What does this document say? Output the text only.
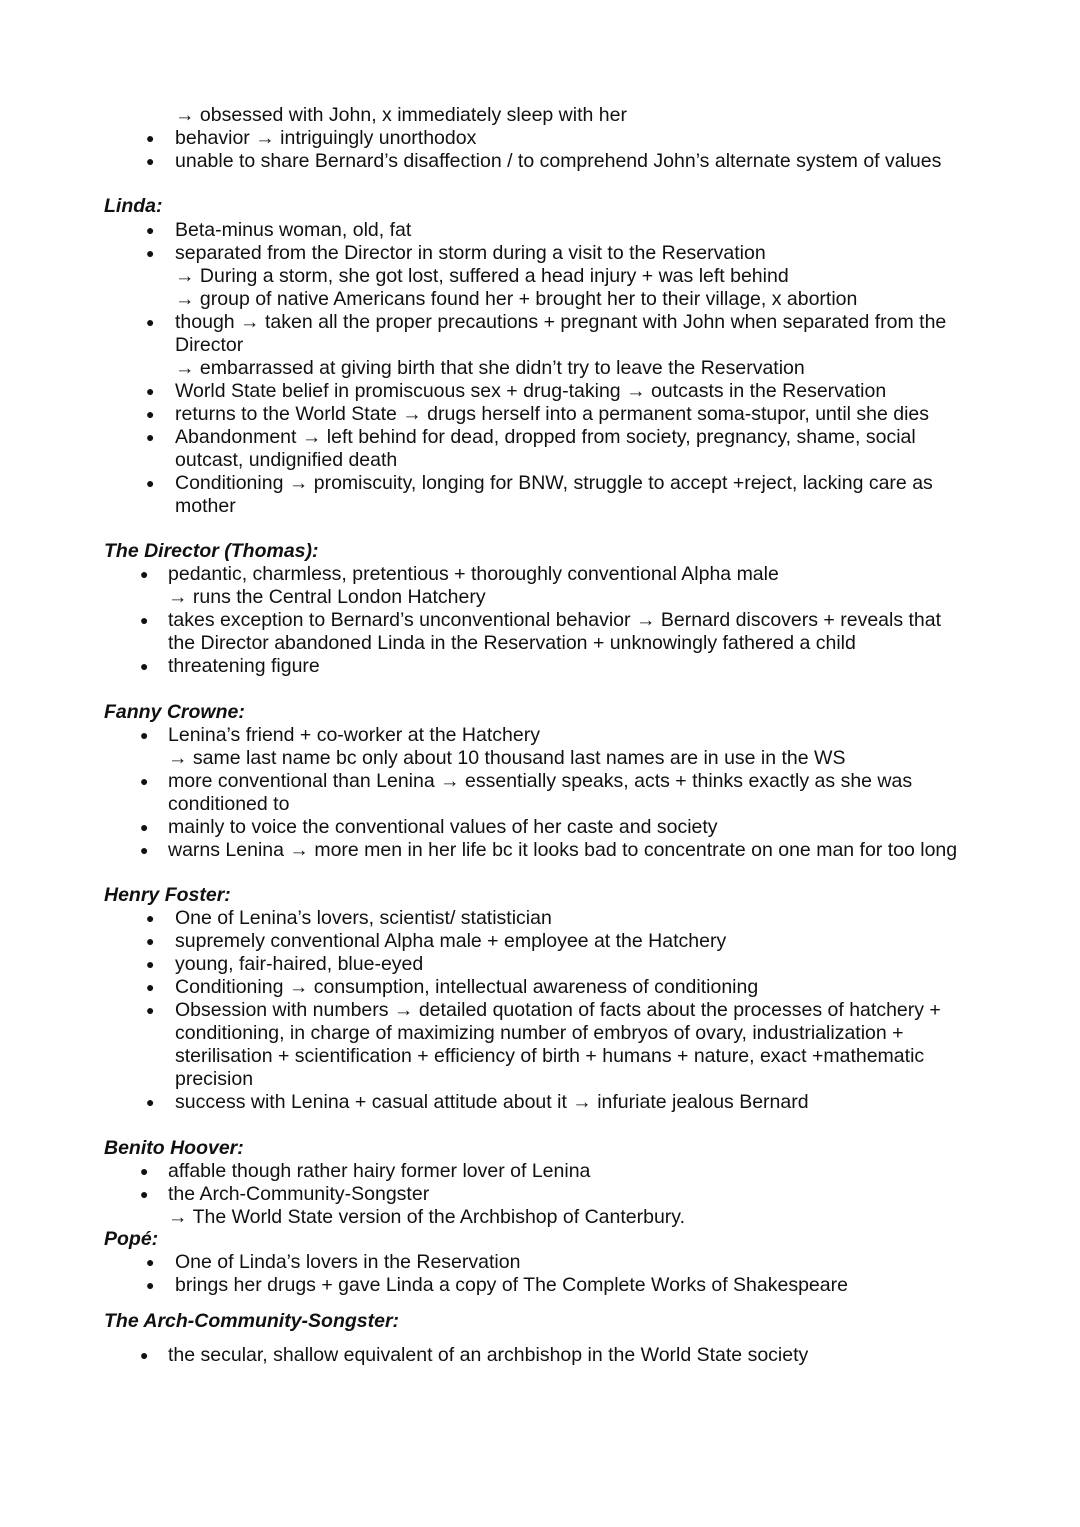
→ obsessed with John, x immediately sleep with her
● behavior → intriguingly unorthodox
● unable to share Bernard’s disaffection / to comprehend John’s alternate system of values
Linda:
● Beta-minus woman, old, fat
● separated from the Director in storm during a visit to the Reservation
→ During a storm, she got lost, suffered a head injury + was left behind
→ group of native Americans found her + brought her to their village, x abortion
● though → taken all the proper precautions + pregnant with John when separated from the
Director
→ embarrassed at giving birth that she didn’t try to leave the Reservation
● World State belief in promiscuous sex + drug-taking → outcasts in the Reservation
● returns to the World State → drugs herself into a permanent soma-stupor, until she dies
● Abandonment → left behind for dead, dropped from society, pregnancy, shame, social
outcast, undignified death
● Conditioning → promiscuity, longing for BNW, struggle to accept +reject, lacking care as
mother
The Director (Thomas):
● pedantic, charmless, pretentious + thoroughly conventional Alpha male
→ runs the Central London Hatchery
● takes exception to Bernard’s unconventional behavior → Bernard discovers + reveals that
the Director abandoned Linda in the Reservation + unknowingly fathered a child
● threatening figure
Fanny Crowne:
● Lenina’s friend + co-worker at the Hatchery
→ same last name bc only about 10 thousand last names are in use in the WS
● more conventional than Lenina → essentially speaks, acts + thinks exactly as she was
conditioned to
● mainly to voice the conventional values of her caste and society
● warns Lenina → more men in her life bc it looks bad to concentrate on one man for too long
Henry Foster:
● One of Lenina’s lovers, scientist/ statistician
● supremely conventional Alpha male + employee at the Hatchery
● young, fair-haired, blue-eyed
● Conditioning → consumption, intellectual awareness of conditioning
● Obsession with numbers → detailed quotation of facts about the processes of hatchery +
conditioning, in charge of maximizing number of embryos of ovary, industrialization +
sterilisation + scientification + efficiency of birth + humans + nature, exact +mathematic
precision
● success with Lenina + casual attitude about it → infuriate jealous Bernard
Benito Hoover:
● affable though rather hairy former lover of Lenina
● the Arch-Community-Songster
→ The World State version of the Archbishop of Canterbury.
Popé:
● One of Linda’s lovers in the Reservation
● brings her drugs + gave Linda a copy of The Complete Works of Shakespeare
The Arch-Community-Songster:
● the secular, shallow equivalent of an archbishop in the World State society
